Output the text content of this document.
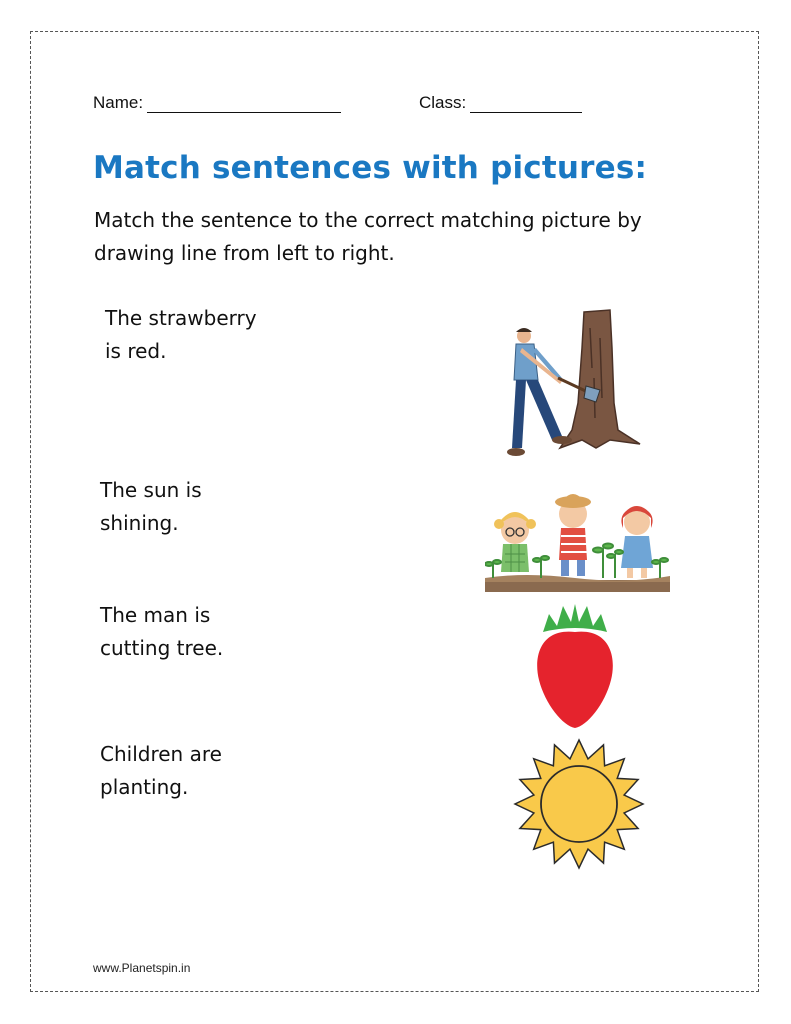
Name:	Class:
Match sentences with pictures:
Match the sentence to the correct matching picture by drawing line from left to right.
The strawberry
is red.
The sun is
shining.
The man is
cutting tree.
Children are
planting.
www.Planetspin.in
